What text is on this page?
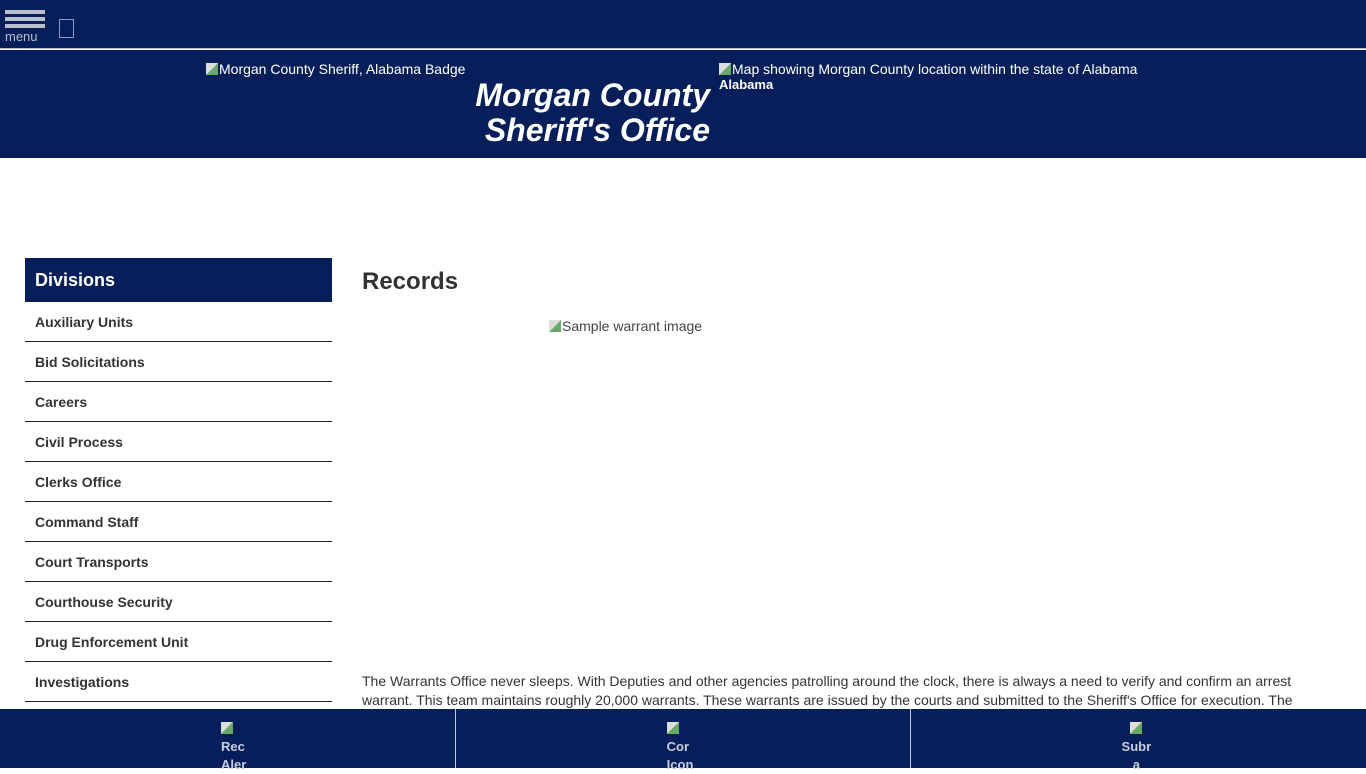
menu
Morgan County Sheriff, Alabama Badge
Morgan County
Sheriff's Office
Map showing Morgan County location within the state of Alabama
Alabama
Divisions
Auxiliary Units
Bid Solicitations
Careers
Civil Process
Clerks Office
Command Staff
Court Transports
Courthouse Security
Drug Enforcement Unit
Investigations
Records
Sample warrant image

The Warrants Office never sleeps. With Deputies and other agencies patrolling around the clock, there is always a need to verify and confirm an arrest warrant. This team maintains roughly 20,000 warrants. These warrants are issued by the courts and submitted to the Sheriff's Office for execution. The

Rec
Aler
Cor
Icon
Subr
a
